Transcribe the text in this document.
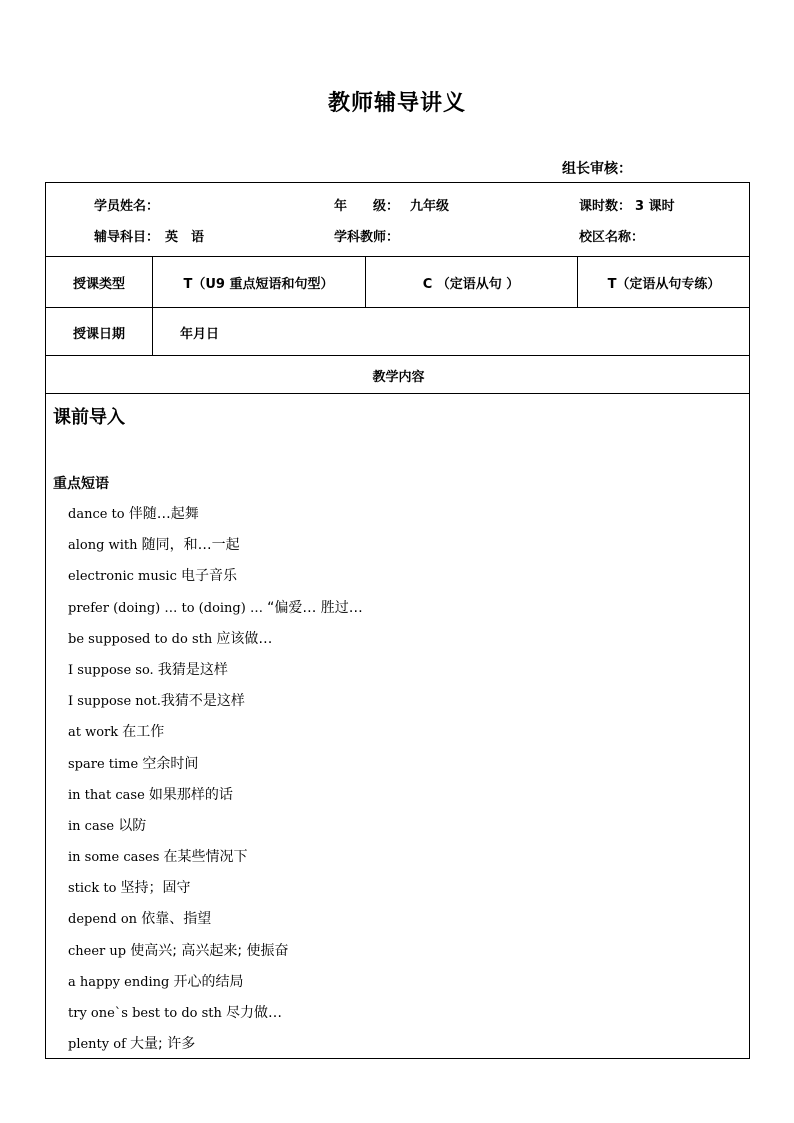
教师辅导讲义
组长审核：
学员姓名：	年　　级： 九年级	课时数： 3 课时
辅导科目： 英　语	学科教师：	校区名称：
授课类型	T（U9 重点短语和句型）	C （定语从句 ）	T（定语从句专练）
授课日期	年月日
教学内容
课前导入
重点短语
dance to 伴随…起舞
along with 随同，和…一起
electronic music 电子音乐
prefer (doing) … to (doing) … “偏爱… 胜过…
be supposed to do sth 应该做…
I suppose so. 我猜是这样
I suppose not.我猜不是这样
at work 在工作
spare time 空余时间
in that case 如果那样的话
in case 以防
in some cases 在某些情况下
stick to 坚持；固守
depend on 依靠、指望
cheer up 使高兴; 高兴起来; 使振奋
a happy ending 开心的结局
try one`s best to do sth 尽力做…
plenty of 大量; 许多
